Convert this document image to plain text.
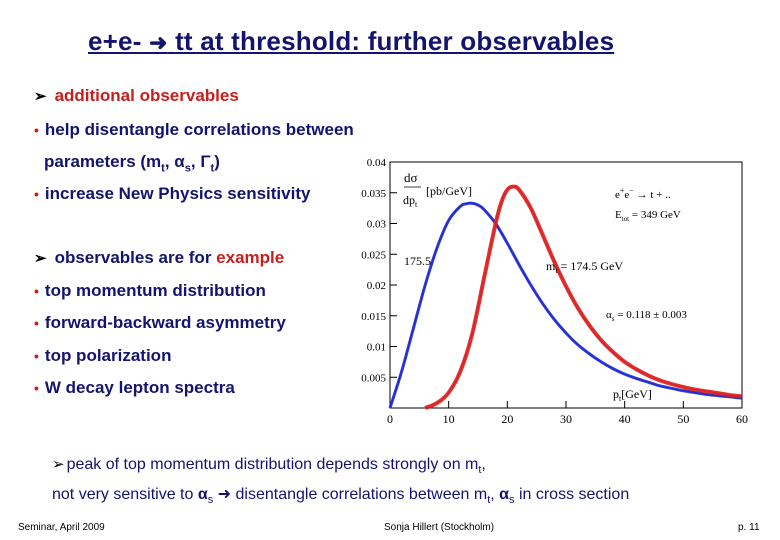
e+e- ➜ tt at threshold: further observables
➢ additional observables
• help disentangle correlations between
parameters ($m_t$, $\alpha_s$, $\Gamma_t$)
• increase New Physics sensitivity
➢ observables are for example
• top momentum distribution
• forward-backward asymmetry
• top polarization
• W decay lepton spectra
0	10	20	30	40	50	60
0.005
0.01
0.015
0.02
0.025
0.03
0.035
0.04
dσ
$dp_t$
[pb/GeV]	e+e− → t + ..
$E_{tot} = 349$ GeV
175.5	$m_t = 174.5$ GeV
$\alpha_s = 0.118 \pm 0.003$
$p_t[GeV]$
➢ peak of top momentum distribution depends strongly on $m_t$,
not very sensitive to $\alpha_s$ ➜ disentangle correlations between $m_t$, $\alpha_s$ in cross section
Seminar, April 2009	Sonja Hillert (Stockholm)	p. 11
